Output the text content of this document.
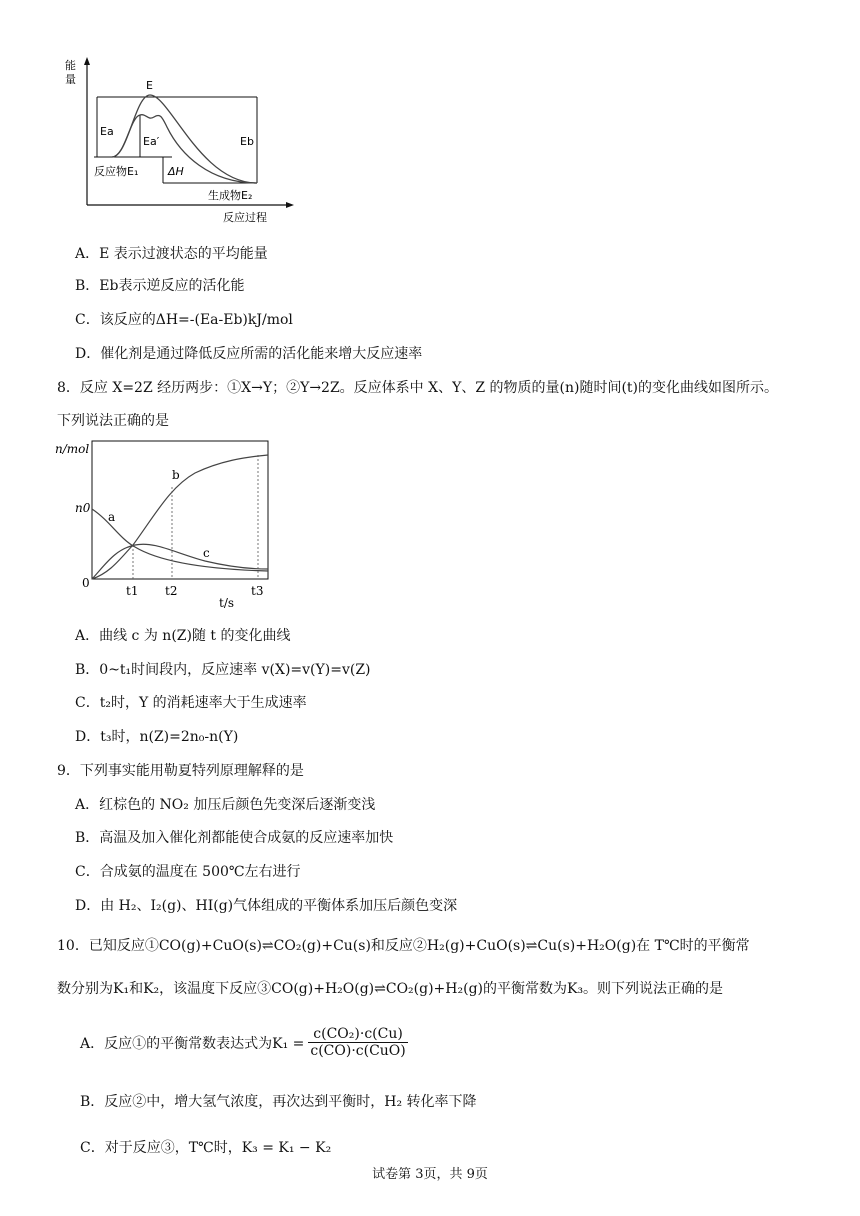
能
量	E
Ea
Ea′	Eb
反应物E₁	ΔH
生成物E₂
反应过程
A．E 表示过渡状态的平均能量
B．Eb表示逆反应的活化能
C．该反应的ΔH=-(Ea-Eb)kJ/mol
D．催化剂是通过降低反应所需的活化能来增大反应速率
8．反应 X=2Z 经历两步：①X→Y；②Y→2Z。反应体系中 X、Y、Z 的物质的量(n)随时间(t)的变化曲线如图所示。
下列说法正确的是
n/mol
n0
0
a
b
c
t1 t2	t3
t/s
A．曲线 c 为 n(Z)随 t 的变化曲线
B．0~t₁时间段内，反应速率 v(X)=v(Y)=v(Z)
C．t₂时，Y 的消耗速率大于生成速率
D．t₃时，n(Z)=2n₀-n(Y)
9．下列事实能用勒夏特列原理解释的是
A．红棕色的 NO₂ 加压后颜色先变深后逐渐变浅
B．高温及加入催化剂都能使合成氨的反应速率加快
C．合成氨的温度在 500℃左右进行
D．由 H₂、I₂(g)、HI(g)气体组成的平衡体系加压后颜色变深
10．已知反应①CO(g)+CuO(s)⇌CO₂(g)+Cu(s)和反应②H₂(g)+CuO(s)⇌Cu(s)+H₂O(g)在 T℃时的平衡常
数分别为K₁和K₂，该温度下反应③CO(g)+H₂O(g)⇌CO₂(g)+H₂(g)的平衡常数为K₃。则下列说法正确的是
A．反应①的平衡常数表达式为$K_1 = \frac{\text{c(CO₂)·c(Cu)}}{\text{c(CO)·c(CuO)}}$
B．反应②中，增大氢气浓度，再次达到平衡时，H₂ 转化率下降
C．对于反应③，T℃时，K₃ = K₁ − K₂
试卷第 3页，共 9页
